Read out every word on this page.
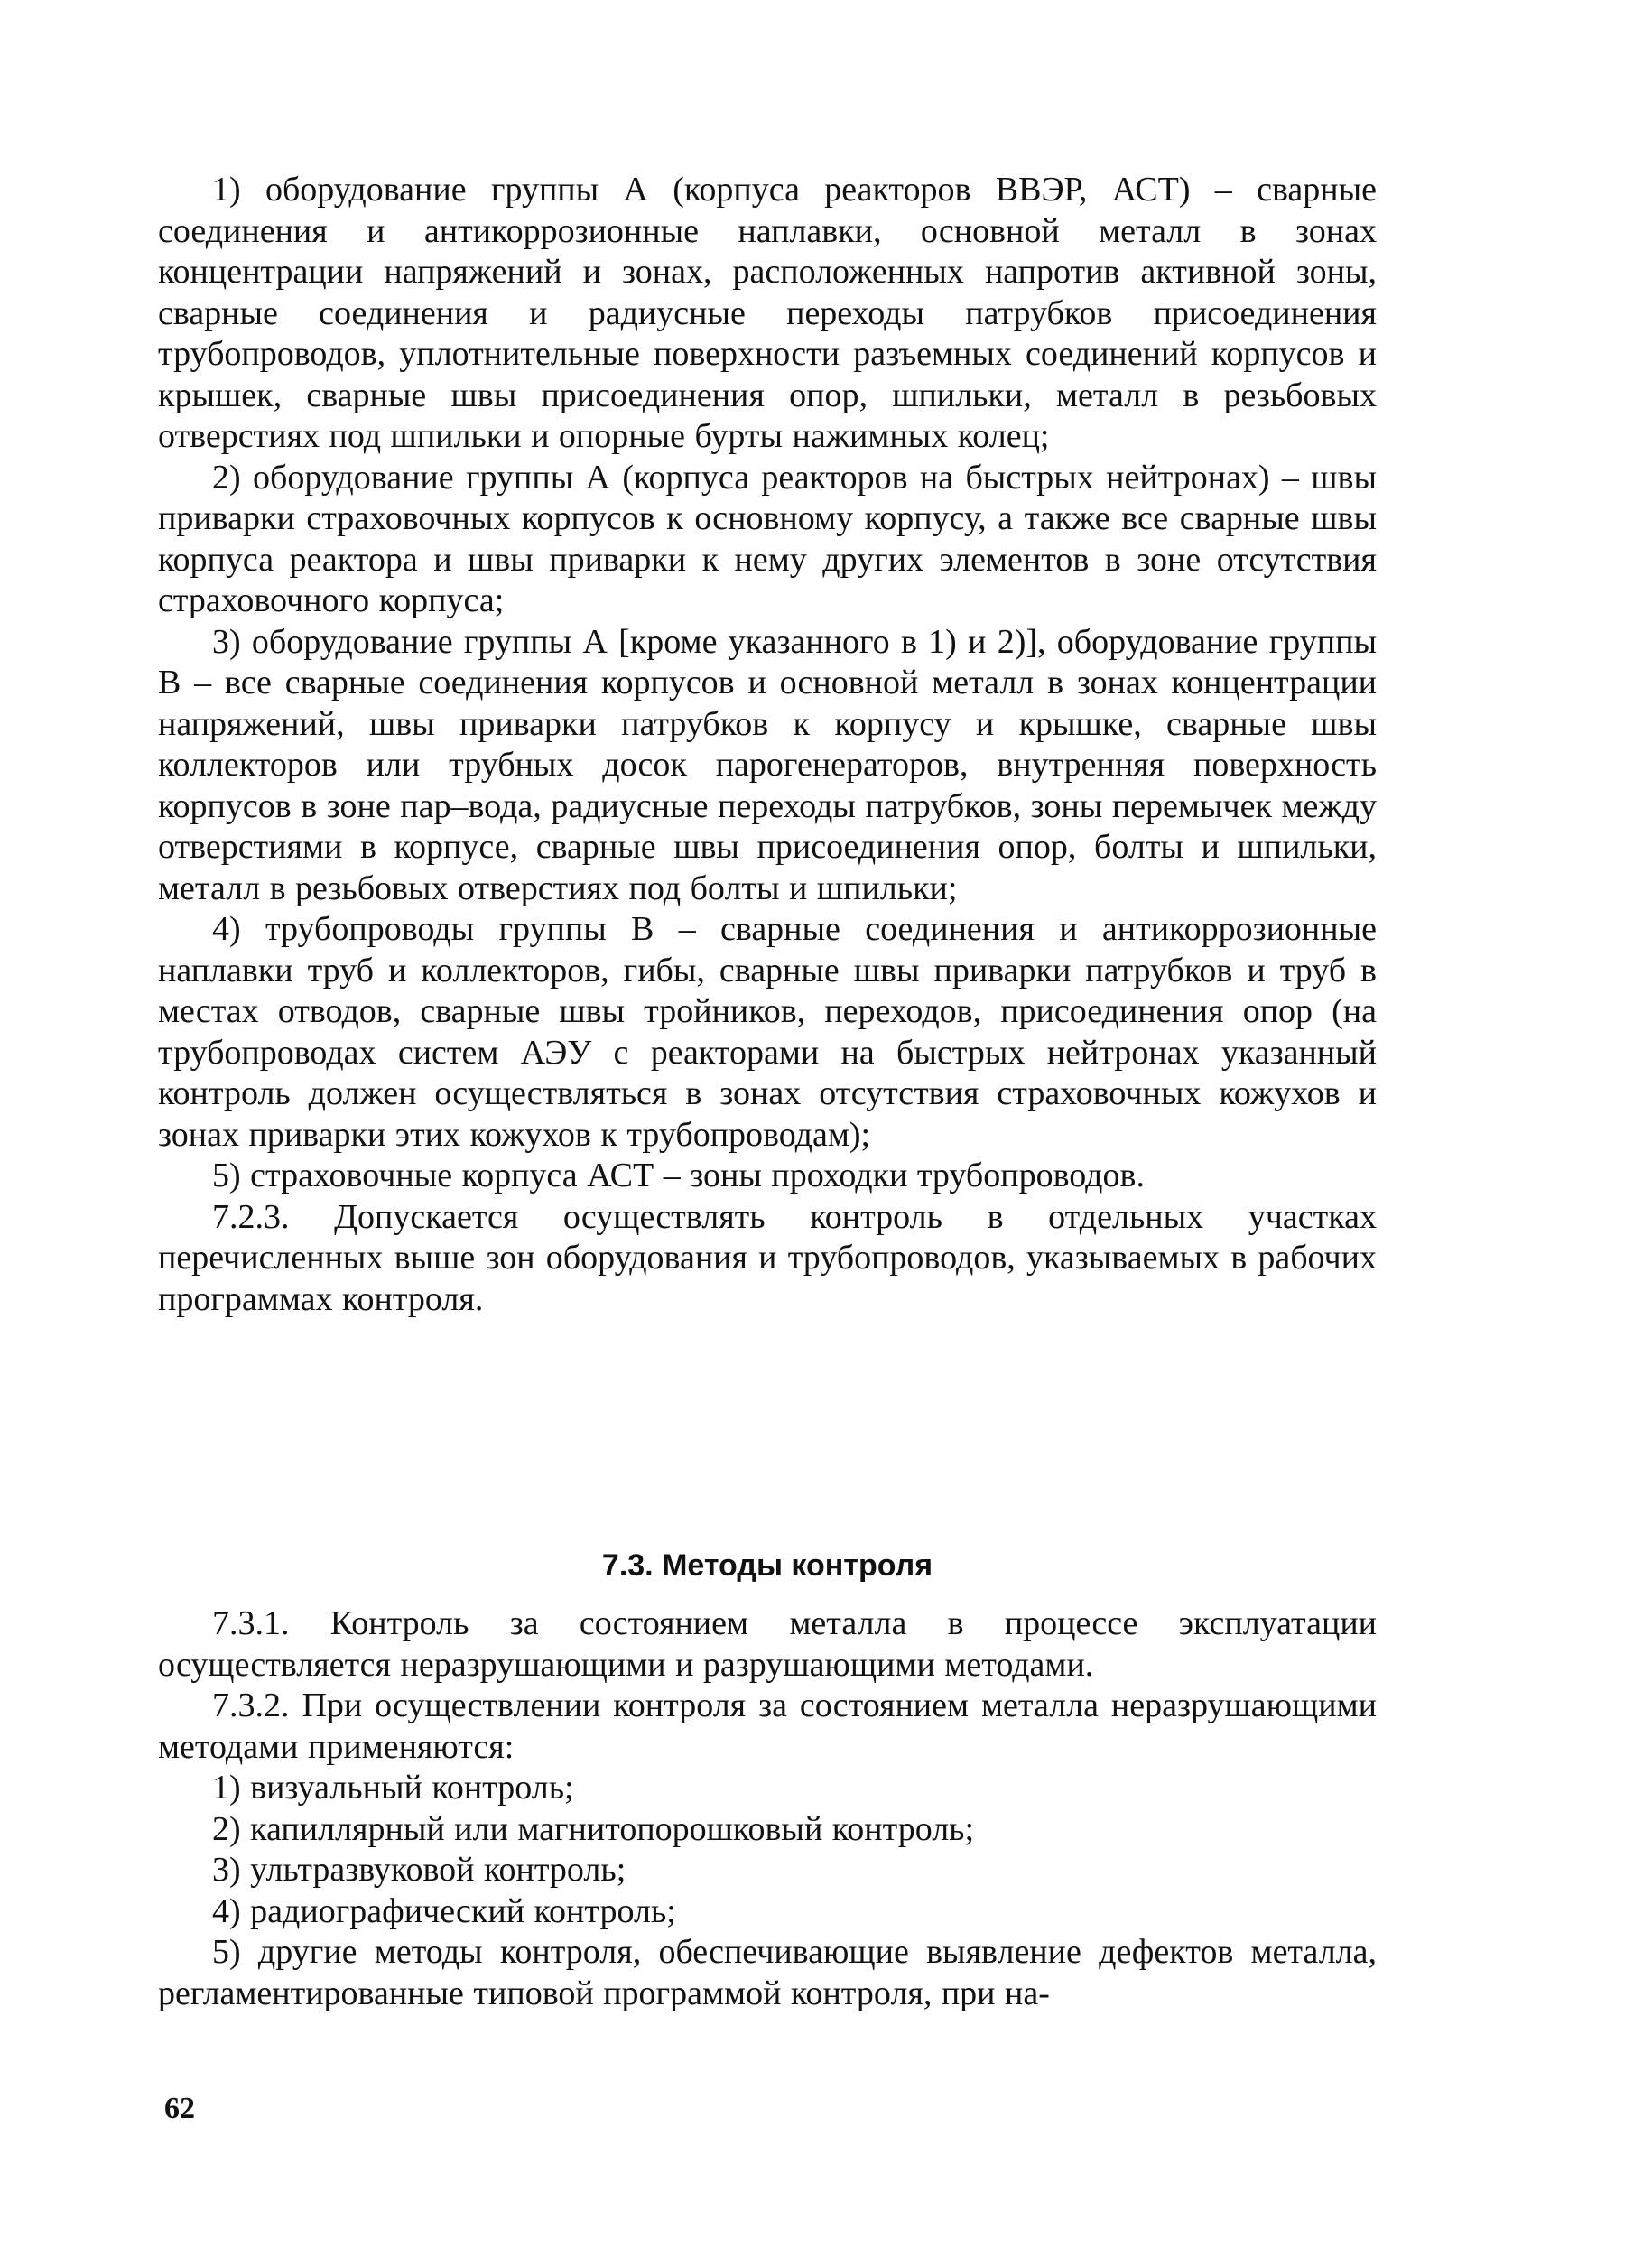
1) оборудование группы А (корпуса реакторов ВВЭР, АСТ) – сварные соединения и антикоррозионные наплавки, основной металл в зонах концентрации напряжений и зонах, расположенных напротив активной зоны, сварные соединения и радиусные переходы патрубков присоединения трубопроводов, уплотнительные поверхности разъемных соединений корпусов и крышек, сварные швы присоединения опор, шпильки, металл в резьбовых отверстиях под шпильки и опорные бурты нажимных колец;

2) оборудование группы А (корпуса реакторов на быстрых нейтронах) – швы приварки страховочных корпусов к основному корпусу, а также все сварные швы корпуса реактора и швы приварки к нему других элементов в зоне отсутствия страховочного корпуса;

3) оборудование группы А [кроме указанного в 1) и 2)], оборудование группы В – все сварные соединения корпусов и основной металл в зонах концентрации напряжений, швы приварки патрубков к корпусу и крышке, сварные швы коллекторов или трубных досок парогенераторов, внутренняя поверхность корпусов в зоне пар–вода, радиусные переходы патрубков, зоны перемычек между отверстиями в корпусе, сварные швы присоединения опор, болты и шпильки, металл в резьбовых отверстиях под болты и шпильки;

4) трубопроводы группы В – сварные соединения и антикоррозионные наплавки труб и коллекторов, гибы, сварные швы приварки патрубков и труб в местах отводов, сварные швы тройников, переходов, присоединения опор (на трубопроводах систем АЭУ с реакторами на быстрых нейтронах указанный контроль должен осуществляться в зонах отсутствия страховочных кожухов и зонах приварки этих кожухов к трубопроводам);

5) страховочные корпуса АСТ – зоны проходки трубопроводов.

7.2.3. Допускается осуществлять контроль в отдельных участках перечисленных выше зон оборудования и трубопроводов, указываемых в рабочих программах контроля.

7.3. Методы контроля

7.3.1. Контроль за состоянием металла в процессе эксплуатации осуществляется неразрушающими и разрушающими методами.

7.3.2. При осуществлении контроля за состоянием металла неразрушающими методами применяются:

1) визуальный контроль;

2) капиллярный или магнитопорошковый контроль;

3) ультразвуковой контроль;

4) радиографический контроль;

5) другие методы контроля, обеспечивающие выявление дефектов металла, регламентированные типовой программой контроля, при на-

62
